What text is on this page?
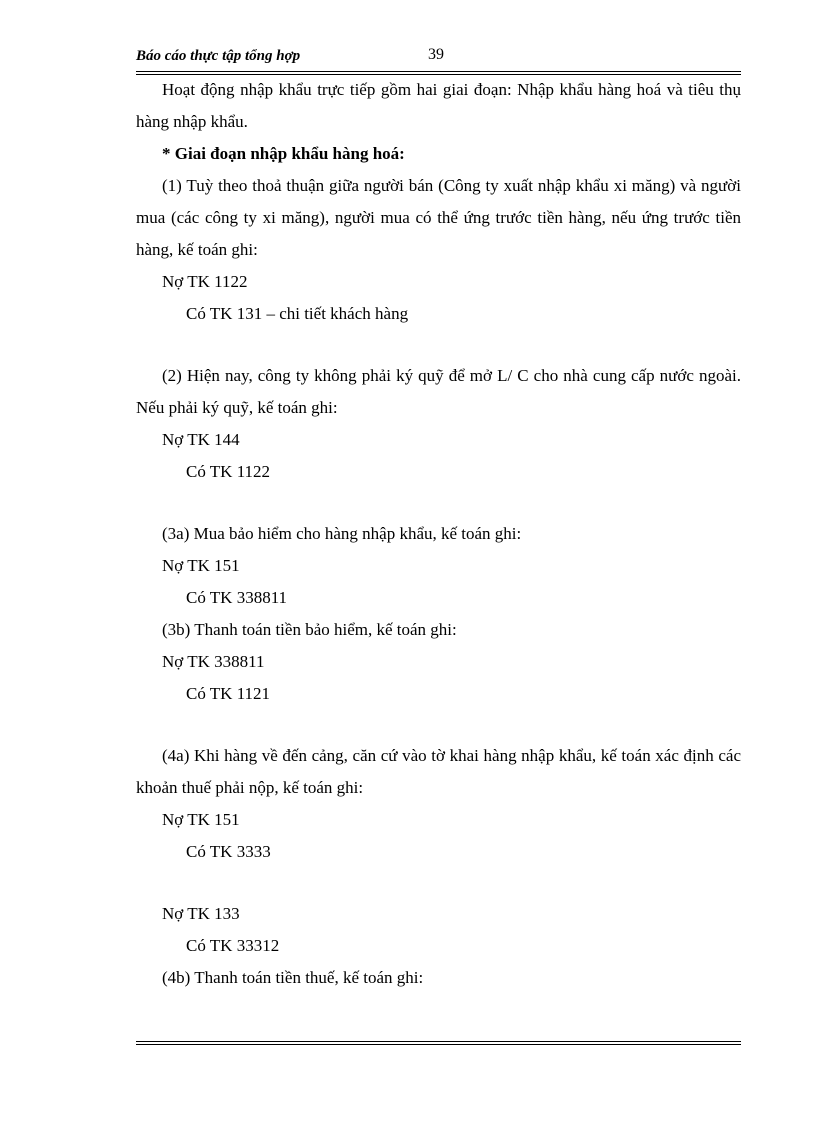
Báo cáo thực tập tổng hợp	39

Hoạt động nhập khẩu trực tiếp gồm hai giai đoạn: Nhập khẩu hàng hoá và tiêu thụ hàng nhập khẩu.

* Giai đoạn nhập khẩu hàng hoá:

(1) Tuỳ theo thoả thuận giữa người bán (Công ty xuất nhập khẩu xi măng) và người mua (các công ty xi măng), người mua có thể ứng trước tiền hàng, nếu ứng trước tiền hàng, kế toán ghi:

Nợ TK 1122

Có TK 131 – chi tiết khách hàng

(2) Hiện nay, công ty không phải ký quỹ để mở L/ C cho nhà cung cấp nước ngoài. Nếu phải ký quỹ, kế toán ghi:

Nợ TK 144

Có TK 1122

(3a) Mua bảo hiểm cho hàng nhập khẩu, kế toán ghi:

Nợ TK 151

Có TK 338811

(3b) Thanh toán tiền bảo hiểm, kế toán ghi:

Nợ TK 338811

Có TK 1121

(4a) Khi hàng về đến cảng, căn cứ vào tờ khai hàng nhập khẩu, kế toán xác định các khoản thuế phải nộp, kế toán ghi:

Nợ TK 151

Có TK 3333

Nợ TK 133

Có TK 33312

(4b) Thanh toán tiền thuế, kế toán ghi:
